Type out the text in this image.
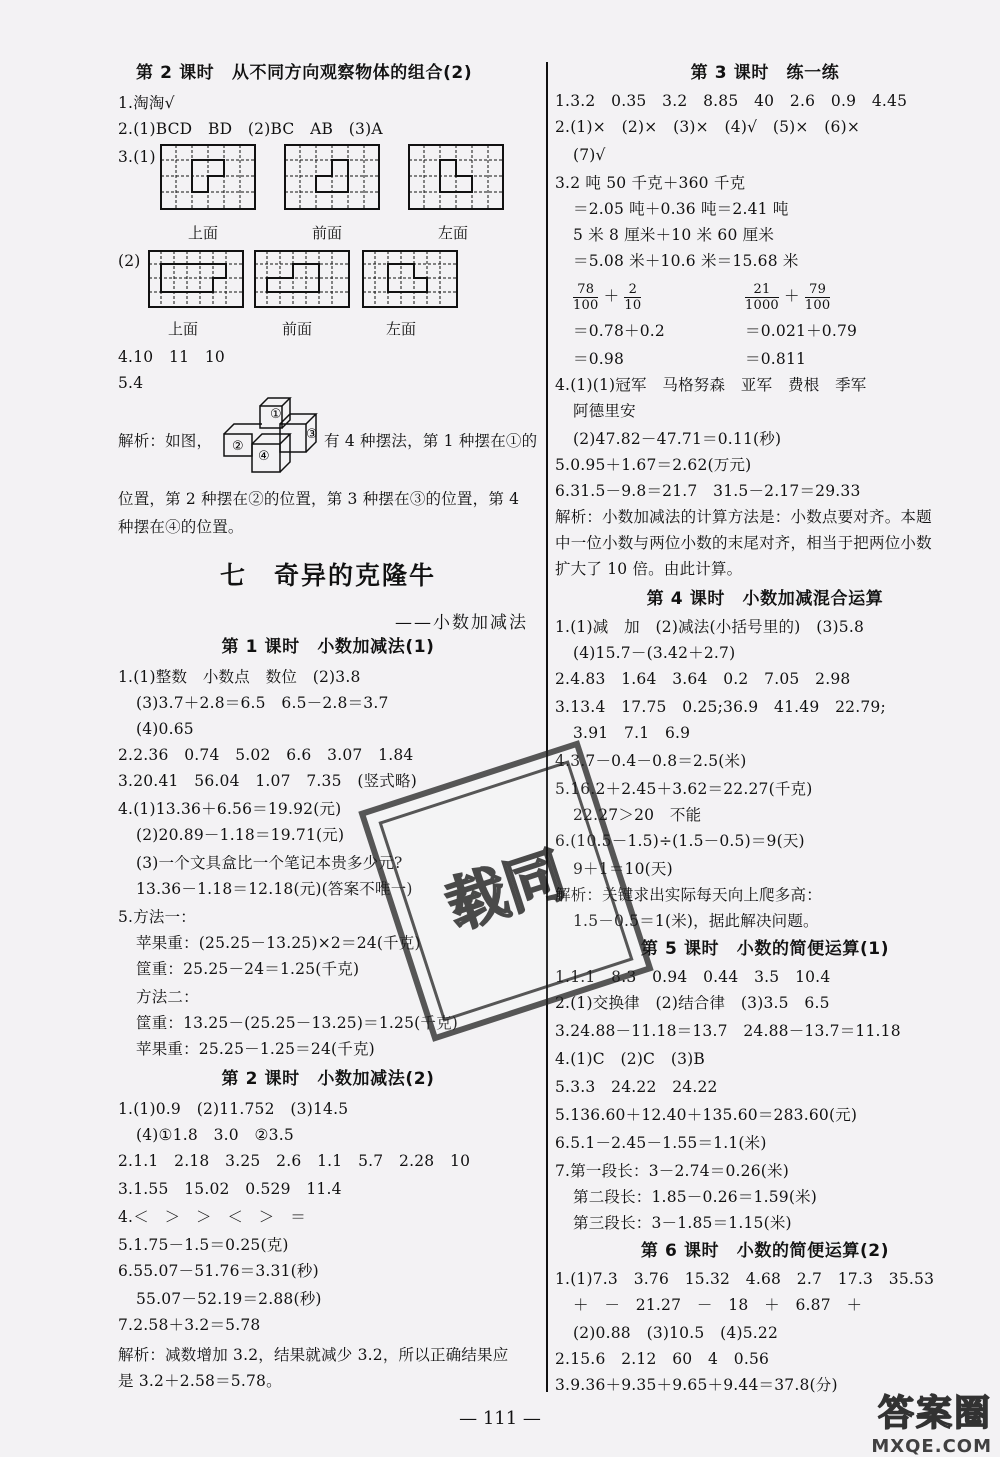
第 2 课时　从不同方向观察物体的组合(2)
1.淘淘√
2.(1)BCD　BD　(2)BC　AB　(3)A
3.(1)
上面	前面	左面
(2)
上面	前面	左面
4.10　11　10
5.4
解析：如图，
①
②
③
④
有 4 种摆法，第 1 种摆在①的
位置，第 2 种摆在②的位置，第 3 种摆在③的位置，第 4
种摆在④的位置。
七　奇异的克隆牛
——小数加减法
第 1 课时　小数加减法(1)
1.(1)整数　小数点　数位　(2)3.8
(3)3.7＋2.8＝6.5　6.5－2.8＝3.7
(4)0.65
2.2.36　0.74　5.02　6.6　3.07　1.84
3.20.41　56.04　1.07　7.35　(竖式略)
4.(1)13.36＋6.56＝19.92(元)
(2)20.89－1.18＝19.71(元)
(3)一个文具盒比一个笔记本贵多少元?
13.36－1.18＝12.18(元)(答案不唯一)
5.方法一：
苹果重：(25.25－13.25)×2＝24(千克)
筐重：25.25－24＝1.25(千克)
方法二：
筐重：13.25－(25.25－13.25)＝1.25(千克)
苹果重：25.25－1.25＝24(千克)
第 2 课时　小数加减法(2)
1.(1)0.9　(2)11.752　(3)14.5
(4)①1.8　3.0　②3.5
2.1.1　2.18　3.25　2.6　1.1　5.7　2.28　10
3.1.55　15.02　0.529　11.4
4.＜　＞　＞　＜　＞　＝
5.1.75－1.5＝0.25(克)
6.55.07－51.76＝3.31(秒)
55.07－52.19＝2.88(秒)
7.2.58＋3.2＝5.78
解析：减数增加 3.2，结果就减少 3.2，所以正确结果应
是 3.2＋2.58＝5.78。
第 3 课时　练一练
1.3.2　0.35　3.2　8.85　40　2.6　0.9　4.45
2.(1)×　(2)×　(3)×　(4)√　(5)×　(6)×
(7)√
3.2 吨 50 千克＋360 千克
＝2.05 吨＋0.36 吨＝2.41 吨
5 米 8 厘米＋10 米 60 厘米
＝5.08 米＋10.6 米＝15.68 米
$\frac{78}{100} + \frac{2}{10}$	$\frac{21}{1000} + \frac{79}{100}$
＝0.78＋0.2	＝0.021＋0.79
＝0.98	＝0.811
4.(1)(1)冠军　马格努森　亚军　费根　季军
阿德里安
(2)47.82－47.71＝0.11(秒)
5.0.95＋1.67＝2.62(万元)
6.31.5－9.8＝21.7　31.5－2.17＝29.33
解析：小数加减法的计算方法是：小数点要对齐。本题
中一位小数与两位小数的末尾对齐，相当于把两位小数
扩大了 10 倍。由此计算。
第 4 课时　小数加减混合运算
1.(1)减　加　(2)减法(小括号里的)　(3)5.8
(4)15.7－(3.42＋2.7)
2.4.83　1.64　3.64　0.2　7.05　2.98
3.13.4　17.75　0.25;36.9　41.49　22.79;
3.91　7.1　6.9
4.3.7－0.4－0.8＝2.5(米)
5.16.2＋2.45＋3.62＝22.27(千克)
22.27＞20　不能
6.(10.5－1.5)÷(1.5－0.5)＝9(天)
9＋1＝10(天)
解析：关键求出实际每天向上爬多高：
1.5－0.5＝1(米)，据此解决问题。
第 5 课时　小数的简便运算(1)
1.1.1　8.3　0.94　0.44　3.5　10.4
2.(1)交换律　(2)结合律　(3)3.5　6.5
3.24.88－11.18＝13.7　24.88－13.7＝11.18
4.(1)C　(2)C　(3)B
5.3.3　24.22　24.22
5.136.60＋12.40＋135.60＝283.60(元)
6.5.1－2.45－1.55＝1.1(米)
7.第一段长：3－2.74＝0.26(米)
第二段长：1.85－0.26＝1.59(米)
第三段长：3－1.85＝1.15(米)
第 6 课时　小数的简便运算(2)
1.(1)7.3　3.76　15.32　4.68　2.7　17.3　35.53
＋　－　21.27　－　18　＋　6.87　＋
(2)0.88　(3)10.5　(4)5.22
2.15.6　2.12　60　4　0.56
3.9.36＋9.35＋9.65＋9.44＝37.8(分)
载同
— 111 —	答案圈
MXQE.COM
